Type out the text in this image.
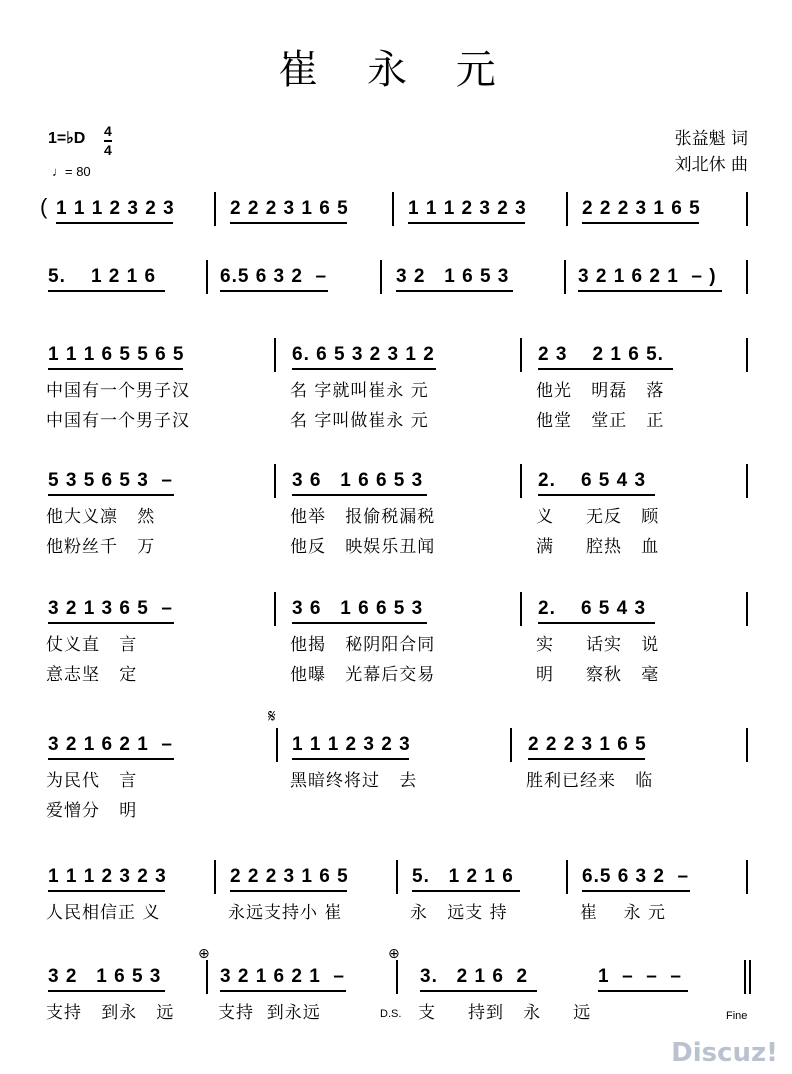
崔 永 元
1=♭D 4
4
♩= 80
张益魁 词
刘北休 曲
( 1 1 1 2 3 2 3	2 2 2 3 1 6 5	1 1 1 2 3 2 3	2 2 2 3 1 6 5
5.    1 2 1 6	6.5 6 3 2  –	3 2   1 6 5 3	3 2 1 6 2 1  – )
1 1 1 6 5 5 6 5	6. 6 5 3 2 3 1 2	2 3    2 1 6 5.
中国有一个男子汉	名 字就叫崔永 元	他光   明磊   落
中国有一个男子汉	名 字叫做崔永 元	他堂   堂正   正
5 3 5 6 5 3  –	3 6   1 6 6 5 3	2.    6 5 4 3
他大义凛   然	他举   报偷税漏税	义     无反   顾
他粉丝千   万	他反   映娱乐丑闻	满     腔热   血
3 2 1 3 6 5  –	3 6   1 6 6 5 3	2.    6 5 4 3
仗义直   言	他揭   秘阴阳合同	实     话实   说
意志坚   定	他曝   光幕后交易	明     察秋   毫
3 2 1 6 2 1  –	1 1 1 2 3 2 3	2 2 2 3 1 6 5
为民代   言	黑暗终将过   去	胜利已经来   临
爱憎分   明
1 1 1 2 3 2 3	2 2 2 3 1 6 5	5.   1 2 1 6	6.5 6 3 2  –
人民相信正 义	永远支持小 崔	永   远支 持	崔    永 元
3 2   1 6 5 3	3 2 1 6 2 1  –	3.   2 1 6  2	1  –  –  –
支持   到永   远	支持  到永远	支     持到   永     远
𝄋
⊕	⊕
D.S.	Fine
Discuz!
